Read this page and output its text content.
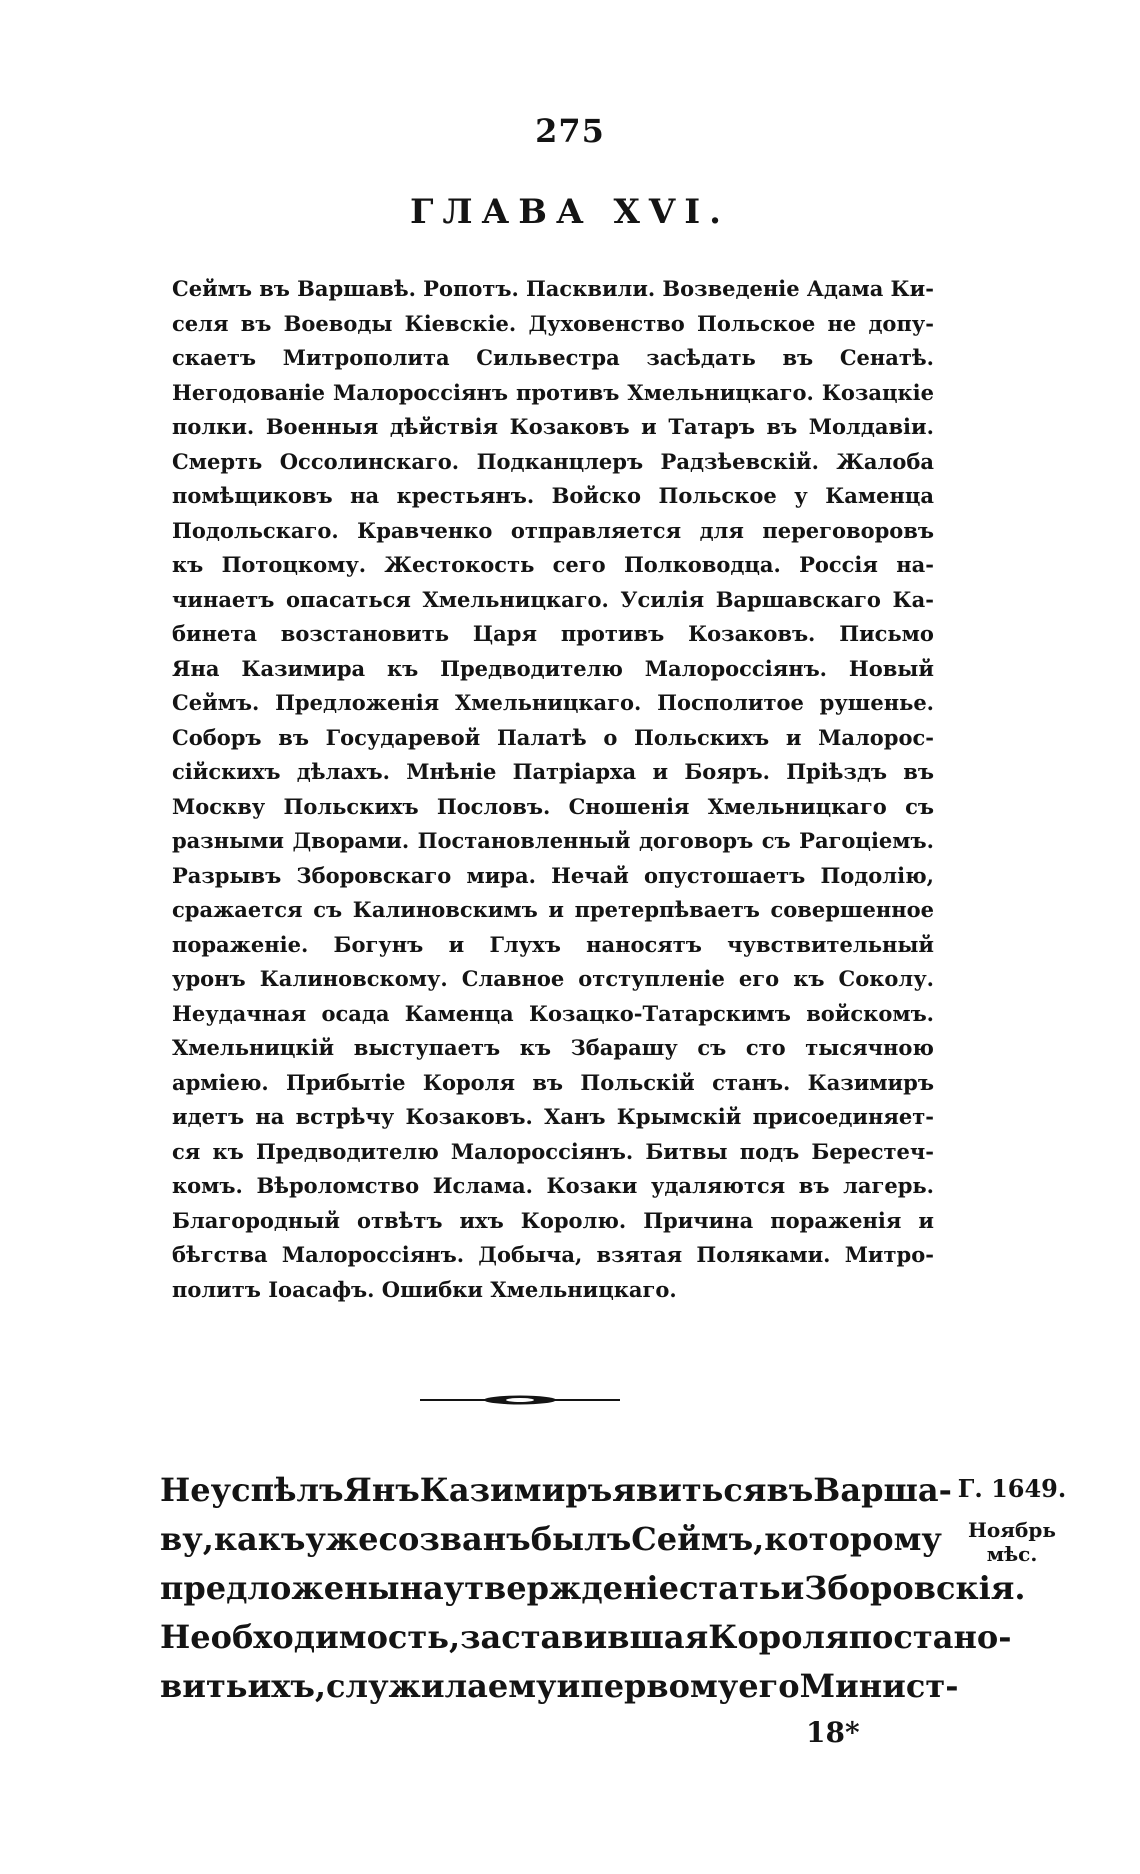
275
ГЛАВА XVI.
Сеймъ въ Варшавѣ. Ропотъ. Пасквили. Возведеніе Адама Ки-
селя въ Воеводы Кіевскіе. Духовенство Польское не допу-
скаетъ Митрополита Сильвестра засѣдать въ Сенатѣ.
Негодованіе Малороссіянъ противъ Хмельницкаго. Козацкіе
полки. Военныя дѣйствія Козаковъ и Татаръ въ Молдавіи.
Смерть Оссолинскаго. Подканцлеръ Радзѣевскій. Жалоба
помѣщиковъ на крестьянъ. Войско Польское у Каменца
Подольскаго. Кравченко отправляется для переговоровъ
къ Потоцкому. Жестокость сего Полководца. Россія на-
чинаетъ опасаться Хмельницкаго. Усилія Варшавскаго Ка-
бинета возстановить Царя противъ Козаковъ. Письмо
Яна Казимира къ Предводителю Малороссіянъ. Новый
Сеймъ. Предложенія Хмельницкаго. Посполитое рушенье.
Соборъ въ Государевой Палатѣ о Польскихъ и Малорос-
сійскихъ дѣлахъ. Мнѣніе Патріарха и Бояръ. Пріѣздъ въ
Москву Польскихъ Пословъ. Сношенія Хмельницкаго съ
разными Дворами. Постановленный договоръ съ Рагоціемъ.
Разрывъ Зборовскаго мира. Нечай опустошаетъ Подолію,
сражается съ Калиновскимъ и претерпѣваетъ совершенное
пораженіе. Богунъ и Глухъ наносятъ чувствительный
уронъ Калиновскому. Славное отступленіе его къ Соколу.
Неудачная осада Каменца Козацко-Татарскимъ войскомъ.
Хмельницкій выступаетъ къ Збарашу съ сто тысячною
арміею. Прибытіе Короля въ Польскій станъ. Казимиръ
идетъ на встрѣчу Козаковъ. Ханъ Крымскій присоединяет-
ся къ Предводителю Малороссіянъ. Битвы подъ Берестеч-
комъ. Вѣроломство Ислама. Козаки удаляются въ лагерь.
Благородный отвѣтъ ихъ Королю. Причина пораженія и
бѣгства Малороссіянъ. Добыча, взятая Поляками. Митро-
политъ Іоасафъ. Ошибки Хмельницкаго.
Не успѣлъ Янъ Казимиръ явиться въ Варша-
ву, какъ уже созванъ былъ Сеймъ, которому
предложены на утвержденіе статьи Зборовскія.
Необходимость, заставившая Короля постано-
вить ихъ, служила ему и первому его Минист-
Г. 1649.
Ноябрь мѣс.
18*
